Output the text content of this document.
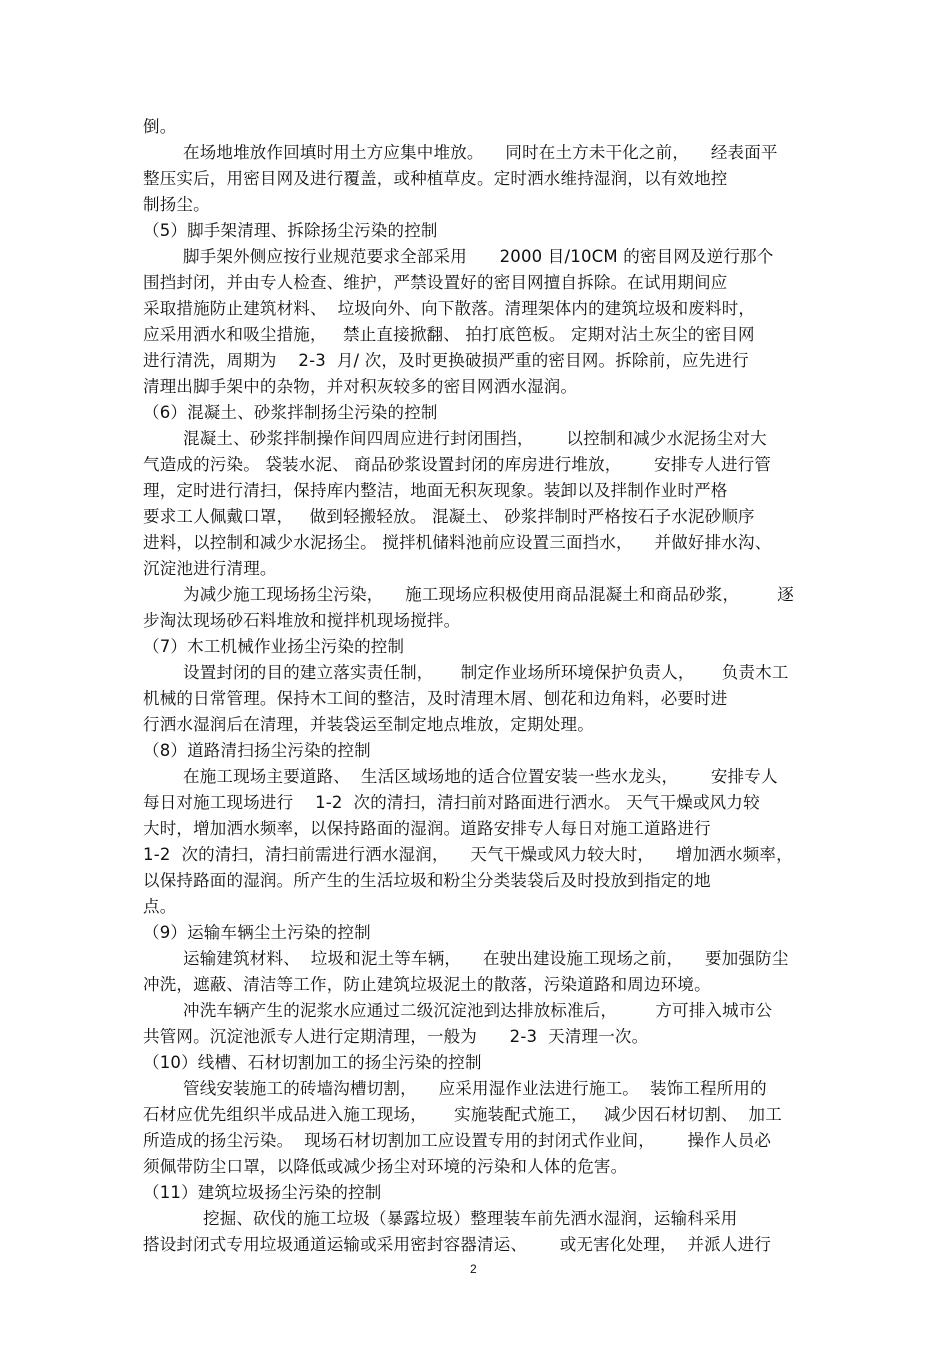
倒。
在场地堆放作回填时用土方应集中堆放。    同时在土方未干化之前，    经表面平
整压实后，用密目网及进行覆盖，或种植草皮。定时洒水维持湿润，以有效地控
制扬尘。
（5）脚手架清理、拆除扬尘污染的控制
脚手架外侧应按行业规范要求全部采用      2000 目/10CM 的密目网及逆行那个
围挡封闭，并由专人检查、维护，严禁设置好的密目网擅自拆除。在试用期间应
采取措施防止建筑材料、  垃圾向外、向下散落。清理架体内的建筑垃圾和废料时，
应采用洒水和吸尘措施，   禁止直接掀翻、 拍打底笆板。 定期对沾土灰尘的密目网
进行清洗，周期为    2-3  月/ 次，及时更换破损严重的密目网。拆除前，应先进行
清理出脚手架中的杂物，并对积灰较多的密目网洒水湿润。
（6）混凝土、砂浆拌制扬尘污染的控制
混凝土、砂浆拌制操作间四周应进行封闭围挡，      以控制和减少水泥扬尘对大
气造成的污染。 袋装水泥、 商品砂浆设置封闭的库房进行堆放，      安排专人进行管
理，定时进行清扫，保持库内整洁，地面无积灰现象。装卸以及拌制作业时严格
要求工人佩戴口罩，   做到轻搬轻放。 混凝土、 砂浆拌制时严格按石子水泥砂顺序
进料，以控制和减少水泥扬尘。 搅拌机储料池前应设置三面挡水，    并做好排水沟、
沉淀池进行清理。
为减少施工现场扬尘污染，    施工现场应积极使用商品混凝土和商品砂浆，       逐
步淘汰现场砂石料堆放和搅拌机现场搅拌。
（7）木工机械作业扬尘污染的控制
设置封闭的目的建立落实责任制，     制定作业场所环境保护负责人，     负责木工
机械的日常管理。保持木工间的整洁，及时清理木屑、刨花和边角料，必要时进
行洒水湿润后在清理，并装袋运至制定地点堆放，定期处理。
（8）道路清扫扬尘污染的控制
在施工现场主要道路、  生活区域场地的适合位置安装一些水龙头，      安排专人
每日对施工现场进行    1-2  次的清扫，清扫前对路面进行洒水。 天气干燥或风力较
大时，增加洒水频率，以保持路面的湿润。道路安排专人每日对施工道路进行
1-2  次的清扫，清扫前需进行洒水湿润，    天气干燥或风力较大时，    增加洒水频率，
以保持路面的湿润。所产生的生活垃圾和粉尘分类装袋后及时投放到指定的地
点。
（9）运输车辆尘土污染的控制
运输建筑材料、  垃圾和泥土等车辆，    在驶出建设施工现场之前，    要加强防尘
冲洗，遮蔽、清洁等工作，防止建筑垃圾泥土的散落，污染道路和周边环境。
冲洗车辆产生的泥浆水应通过二级沉淀池到达排放标准后，       方可排入城市公
共管网。沉淀池派专人进行定期清理，一般为      2-3  天清理一次。
（10）线槽、石材切割加工的扬尘污染的控制
管线安装施工的砖墙沟槽切割，    应采用湿作业法进行施工。  装饰工程所用的
石材应优先组织半成品进入施工现场，     实施装配式施工，   减少因石材切割、  加工
所造成的扬尘污染。  现场石材切割加工应设置专用的封闭式作业间，      操作人员必
须佩带防尘口罩，以降低或减少扬尘对环境的污染和人体的危害。
（11）建筑垃圾扬尘污染的控制
挖掘、砍伐的施工垃圾（暴露垃圾）整理装车前先洒水湿润，运输科采用
搭设封闭式专用垃圾通道运输或采用密封容器清运、      或无害化处理，  并派人进行
2
